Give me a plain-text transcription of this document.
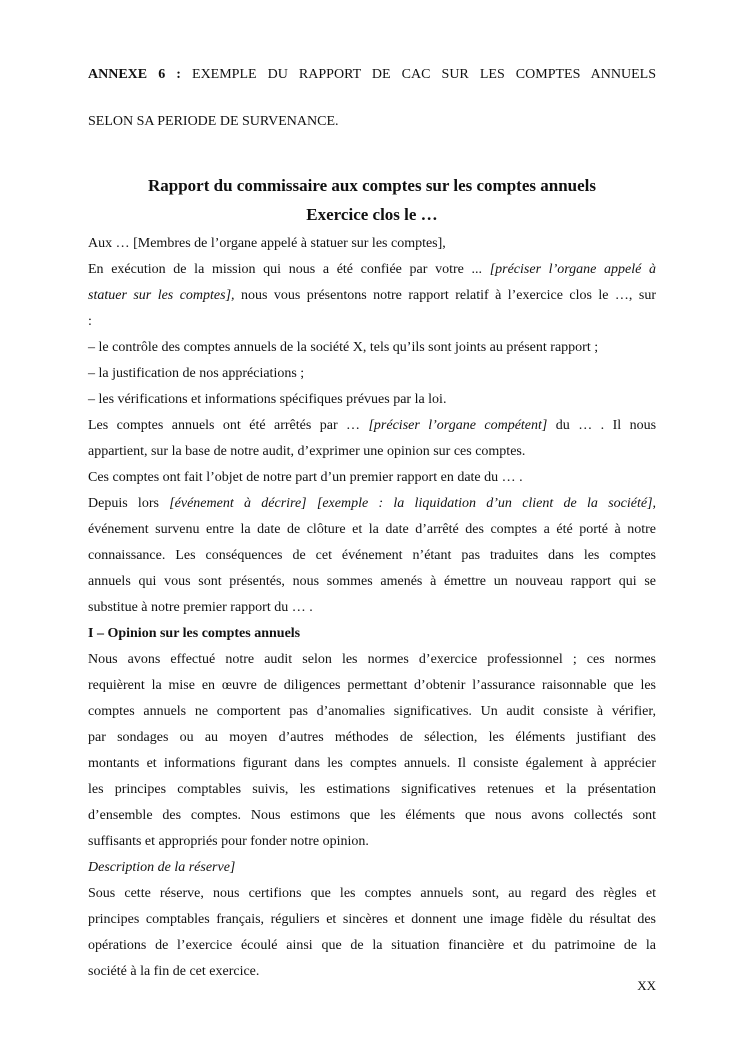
ANNEXE 6 : EXEMPLE DU RAPPORT DE CAC SUR LES COMPTES ANNUELS
SELON SA PERIODE DE SURVENANCE.
Rapport du commissaire aux comptes sur les comptes annuels
Exercice clos le …
Aux … [Membres de l’organe appelé à statuer sur les comptes],
En exécution de la mission qui nous a été confiée par votre ... [préciser l’organe appelé à
statuer sur les comptes], nous vous présentons notre rapport relatif à l’exercice clos le …, sur
:
– le contrôle des comptes annuels de la société X, tels qu’ils sont joints au présent rapport ;
– la justification de nos appréciations ;
– les vérifications et informations spécifiques prévues par la loi.
Les comptes annuels ont été arrêtés par … [préciser l’organe compétent] du … . Il nous
appartient, sur la base de notre audit, d’exprimer une opinion sur ces comptes.
Ces comptes ont fait l’objet de notre part d’un premier rapport en date du … .
Depuis lors [événement à décrire] [exemple : la liquidation d’un client de la société],
événement survenu entre la date de clôture et la date d’arrêté des comptes a été porté à notre
connaissance. Les conséquences de cet événement n’étant pas traduites dans les comptes
annuels qui vous sont présentés, nous sommes amenés à émettre un nouveau rapport qui se
substitue à notre premier rapport du … .
I – Opinion sur les comptes annuels
Nous avons effectué notre audit selon les normes d’exercice professionnel ; ces normes
requièrent la mise en œuvre de diligences permettant d’obtenir l’assurance raisonnable que les
comptes annuels ne comportent pas d’anomalies significatives. Un audit consiste à vérifier,
par sondages ou au moyen d’autres méthodes de sélection, les éléments justifiant des
montants et informations figurant dans les comptes annuels. Il consiste également à apprécier
les principes comptables suivis, les estimations significatives retenues et la présentation
d’ensemble des comptes. Nous estimons que les éléments que nous avons collectés sont
suffisants et appropriés pour fonder notre opinion.
Description de la réserve]
Sous cette réserve, nous certifions que les comptes annuels sont, au regard des règles et
principes comptables français, réguliers et sincères et donnent une image fidèle du résultat des
opérations de l’exercice écoulé ainsi que de la situation financière et du patrimoine de la
société à la fin de cet exercice.
XX
